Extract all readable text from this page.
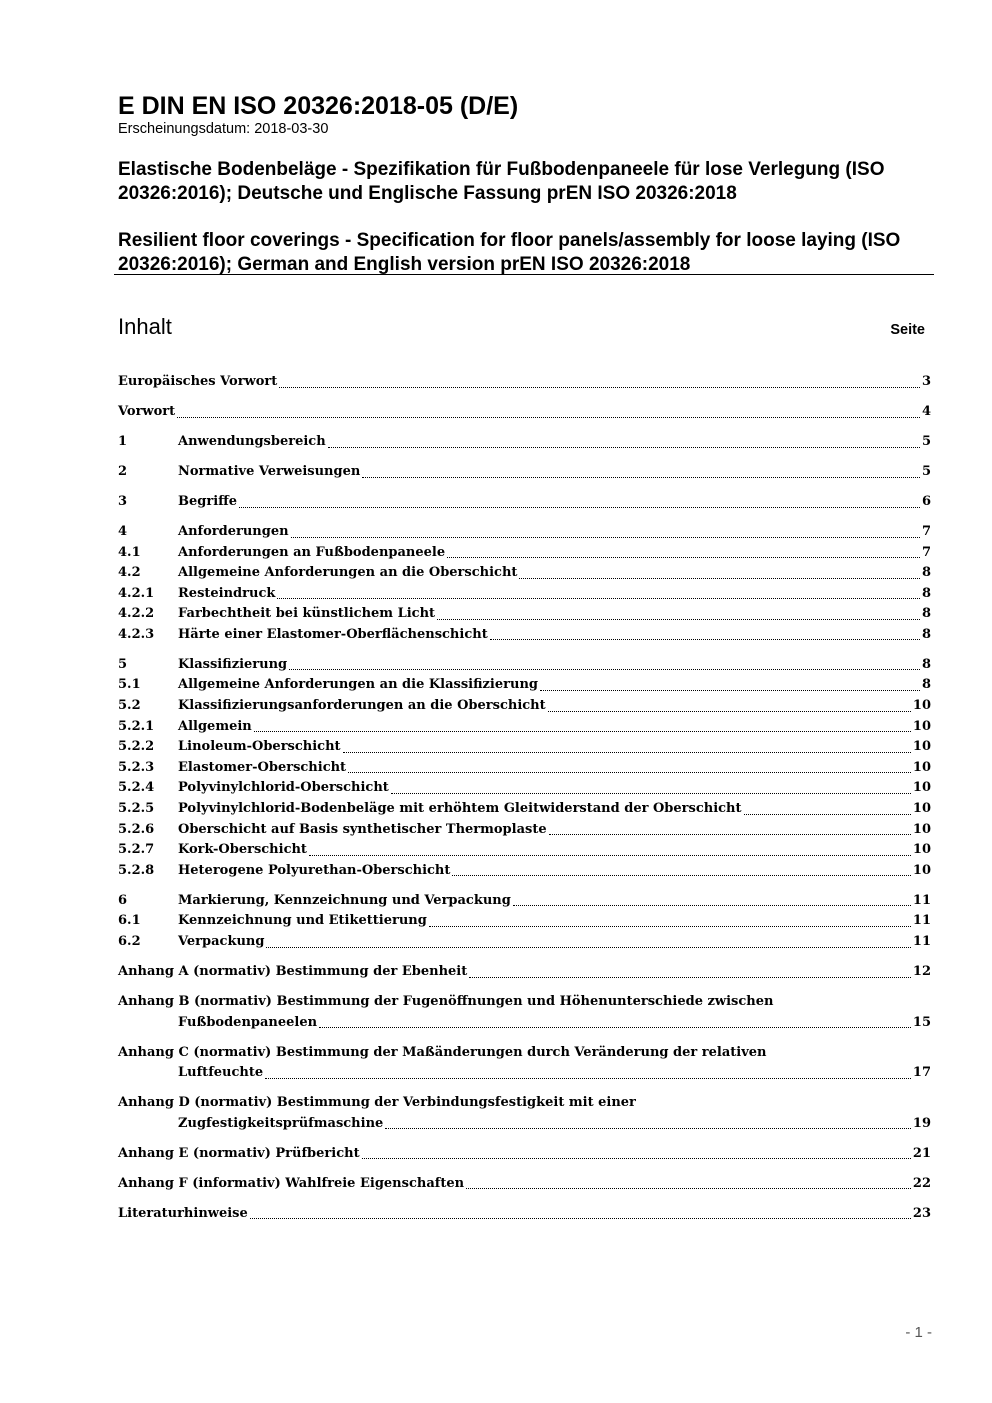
E DIN EN ISO 20326:2018-05 (D/E)
Erscheinungsdatum: 2018-03-30
Elastische Bodenbeläge - Spezifikation für Fußbodenpaneele für lose Verlegung (ISO 20326:2016); Deutsche und Englische Fassung prEN ISO 20326:2018
Resilient floor coverings - Specification for floor panels/assembly for loose laying (ISO 20326:2016); German and English version prEN ISO 20326:2018
Inhalt	Seite
Europäisches Vorwort	3
Vorwort	4
1	Anwendungsbereich	5
2	Normative Verweisungen	5
3	Begriffe	6
4	Anforderungen	7
4.1	Anforderungen an Fußbodenpaneele	7
4.2	Allgemeine Anforderungen an die Oberschicht	8
4.2.1	Resteindruck	8
4.2.2	Farbechtheit bei künstlichem Licht	8
4.2.3	Härte einer Elastomer-Oberflächenschicht	8
5	Klassifizierung	8
5.1	Allgemeine Anforderungen an die Klassifizierung	8
5.2	Klassifizierungsanforderungen an die Oberschicht	10
5.2.1	Allgemein	10
5.2.2	Linoleum-Oberschicht	10
5.2.3	Elastomer-Oberschicht	10
5.2.4	Polyvinylchlorid-Oberschicht	10
5.2.5	Polyvinylchlorid-Bodenbeläge mit erhöhtem Gleitwiderstand der Oberschicht	10
5.2.6	Oberschicht auf Basis synthetischer Thermoplaste	10
5.2.7	Kork-Oberschicht	10
5.2.8	Heterogene Polyurethan-Oberschicht	10
6	Markierung, Kennzeichnung und Verpackung	11
6.1	Kennzeichnung und Etikettierung	11
6.2	Verpackung	11
Anhang A (normativ) Bestimmung der Ebenheit	12
Anhang B (normativ) Bestimmung der Fugenöffnungen und Höhenunterschiede zwischen
Fußbodenpaneelen	15
Anhang C (normativ) Bestimmung der Maßänderungen durch Veränderung der relativen
Luftfeuchte	17
Anhang D (normativ) Bestimmung der Verbindungsfestigkeit mit einer
Zugfestigkeitsprüfmaschine	19
Anhang E (normativ) Prüfbericht	21
Anhang F (informativ) Wahlfreie Eigenschaften	22
Literaturhinweise	23
- 1 -
